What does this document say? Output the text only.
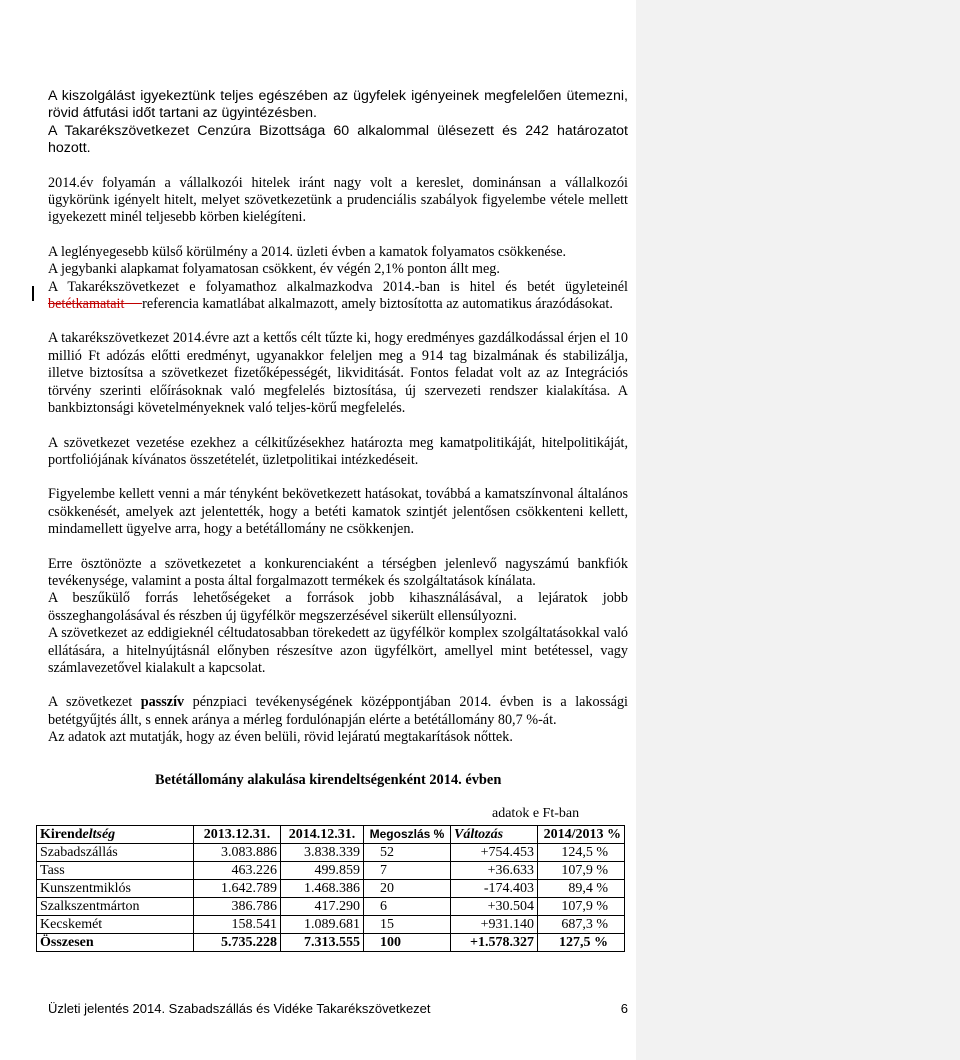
A kiszolgálást igyekeztünk teljes egészében az ügyfelek igényeinek megfelelően ütemezni, rövid átfutási időt tartani az ügyintézésben.

A Takarékszövetkezet Cenzúra Bizottsága 60 alkalommal ülésezett és 242 határozatot hozott.

2014.év folyamán a vállalkozói hitelek iránt nagy volt a kereslet, dominánsan a vállalkozói ügykörünk igényelt hitelt, melyet szövetkezetünk a prudenciális szabályok figyelembe vétele mellett igyekezett minél teljesebb körben kielégíteni.

A leglényegesebb külső körülmény a 2014. üzleti évben a kamatok folyamatos csökkenése.

A jegybanki alapkamat folyamatosan csökkent, év végén 2,1% ponton állt meg.

A Takarékszövetkezet e folyamathoz alkalmazkodva 2014.-ban is hitel és betét ügyleteinél betétkamatait referencia kamatlábat alkalmazott, amely biztosította az automatikus árazódásokat.

A takarékszövetkezet 2014.évre azt a kettős célt tűzte ki, hogy eredményes gazdálkodással érjen el 10 millió Ft adózás előtti eredményt, ugyanakkor feleljen meg a 914 tag bizalmának és stabilizálja, illetve biztosítsa a szövetkezet fizetőképességét, likviditását. Fontos feladat volt az az Integrációs törvény szerinti előírásoknak való megfelelés biztosítása, új szervezeti rendszer kialakítása. A bankbiztonsági követelményeknek való teljes-körű megfelelés.

A szövetkezet vezetése ezekhez a célkitűzésekhez határozta meg kamatpolitikáját, hitelpolitikáját, portfoliójának kívánatos összetételét, üzletpolitikai intézkedéseit.

Figyelembe kellett venni a már tényként bekövetkezett hatásokat, továbbá a kamatszínvonal általános csökkenését, amelyek azt jelentették, hogy a betéti kamatok szintjét jelentősen csökkenteni kellett, mindamellett ügyelve arra, hogy a betétállomány ne csökkenjen.

Erre ösztönözte a szövetkezetet a konkurenciaként a térségben jelenlevő nagyszámú bankfiók tevékenysége, valamint a posta által forgalmazott termékek és szolgáltatások kínálata.

A beszűkülő forrás lehetőségeket a források jobb kihasználásával, a lejáratok jobb összeghangolásával és részben új ügyfélkör megszerzésével sikerült ellensúlyozni.

A szövetkezet az eddigieknél céltudatosabban törekedett az ügyfélkör komplex szolgáltatásokkal való ellátására, a hitelnyújtásnál előnyben részesítve azon ügyfélkört, amellyel mint betétessel, vagy számlavezetővel kialakult a kapcsolat.

A szövetkezet passzív pénzpiaci tevékenységének középpontjában 2014. évben is a lakossági betétgyűjtés állt, s ennek aránya a mérleg fordulónapján elérte a betétállomány 80,7 %-át.

Az adatok azt mutatják, hogy az éven belüli, rövid lejáratú megtakarítások nőttek.

Betétállomány alakulása kirendeltségenként 2014. évben
adatok e Ft-ban
Kirendeltség	2013.12.31.	2014.12.31.	Megoszlás %	Változás	2014/2013 %
Szabadszállás	3.083.886	3.838.339	52	+754.453	124,5 %
Tass	463.226	499.859	7	+36.633	107,9 %
Kunszentmiklós	1.642.789	1.468.386	20	-174.403	89,4 %
Szalkszentmárton	386.786	417.290	6	+30.504	107,9 %
Kecskemét	158.541	1.089.681	15	+931.140	687,3 %
Összesen	5.735.228	7.313.555	100	+1.578.327	127,5 %
Üzleti jelentés 2014. Szabadszállás és Vidéke Takarékszövetkezet	6
